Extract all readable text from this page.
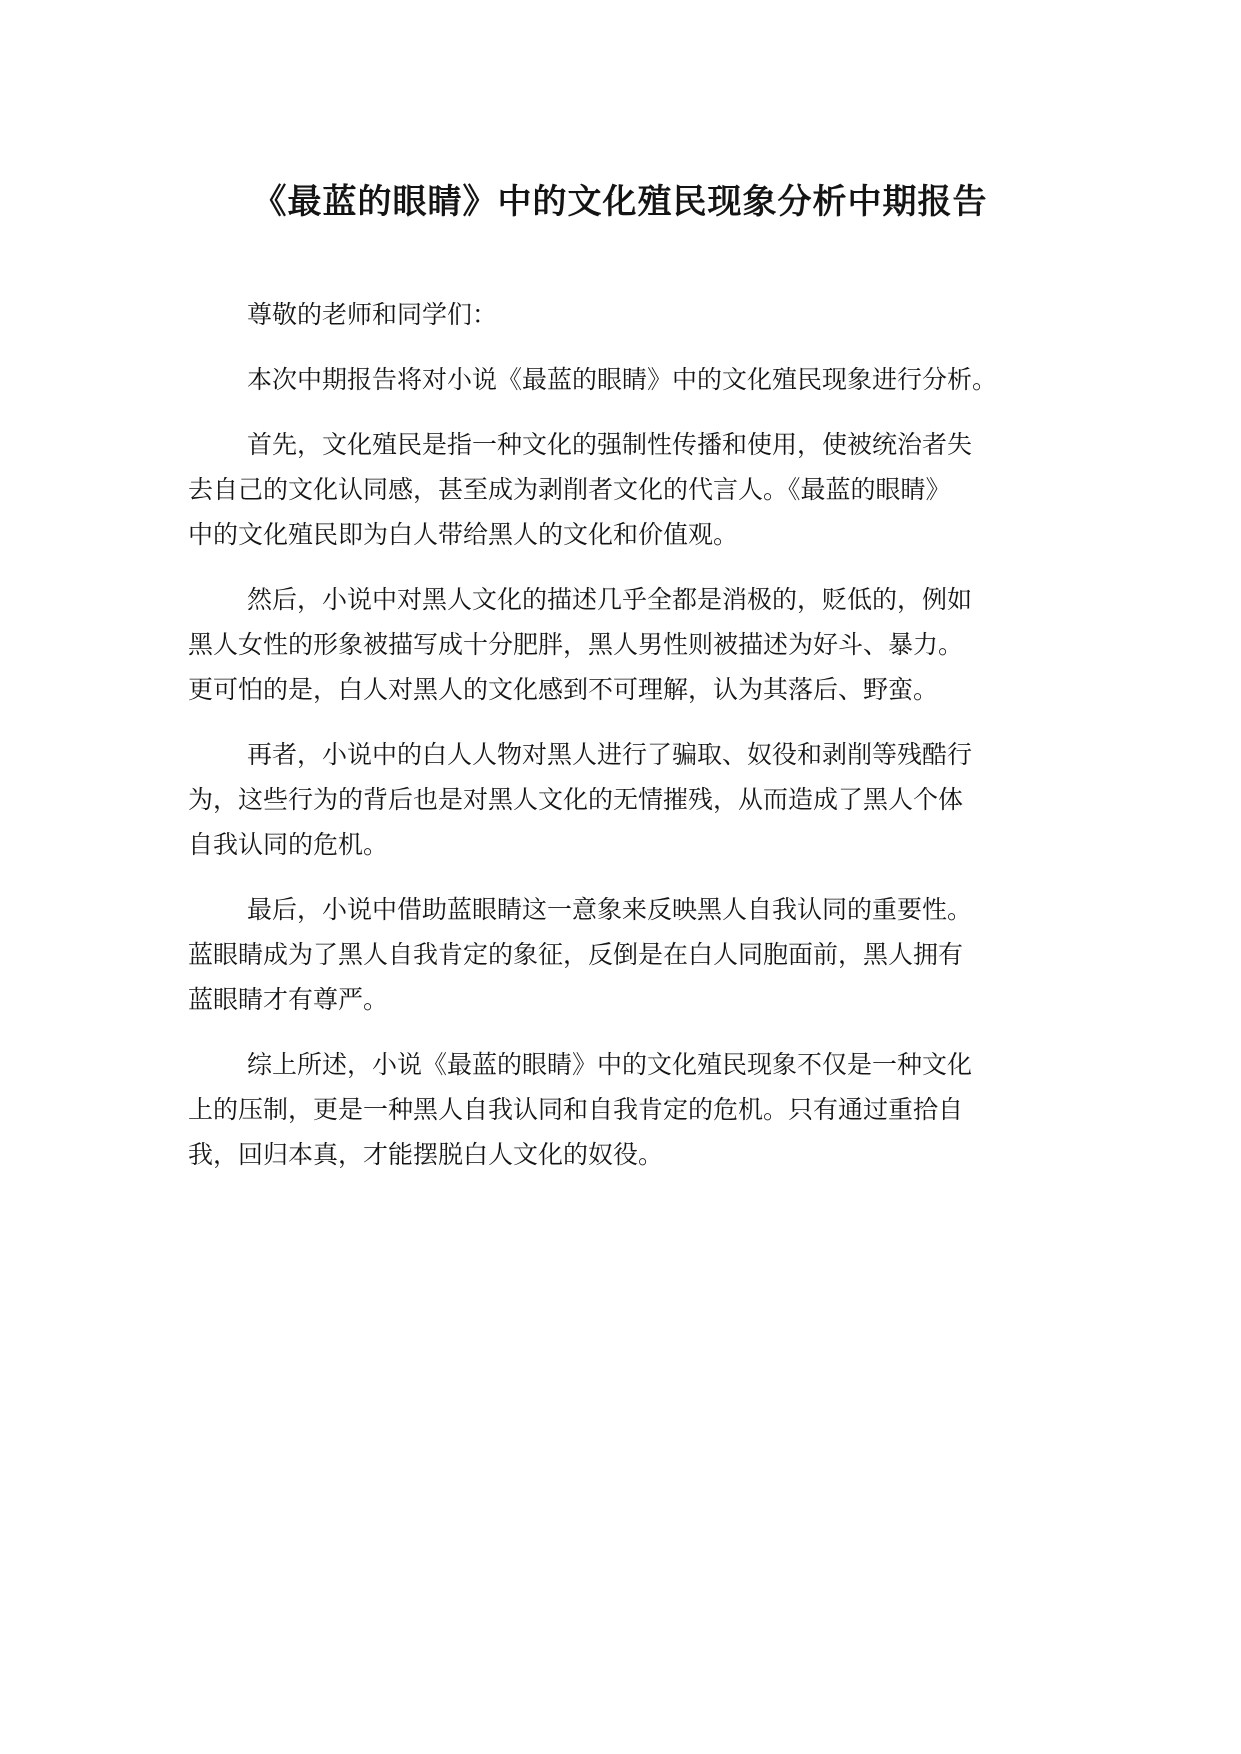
《最蓝的眼睛》中的文化殖民现象分析中期报告

尊敬的老师和同学们：

本次中期报告将对小说《最蓝的眼睛》中的文化殖民现象进行分析。

首先，文化殖民是指一种文化的强制性传播和使用，使被统治者失
去自己的文化认同感，甚至成为剥削者文化的代言人。《最蓝的眼睛》
中的文化殖民即为白人带给黑人的文化和价值观。

然后，小说中对黑人文化的描述几乎全都是消极的，贬低的，例如
黑人女性的形象被描写成十分肥胖，黑人男性则被描述为好斗、暴力。
更可怕的是，白人对黑人的文化感到不可理解，认为其落后、野蛮。

再者，小说中的白人人物对黑人进行了骗取、奴役和剥削等残酷行
为，这些行为的背后也是对黑人文化的无情摧残，从而造成了黑人个体
自我认同的危机。

最后，小说中借助蓝眼睛这一意象来反映黑人自我认同的重要性。
蓝眼睛成为了黑人自我肯定的象征，反倒是在白人同胞面前，黑人拥有
蓝眼睛才有尊严。

综上所述，小说《最蓝的眼睛》中的文化殖民现象不仅是一种文化
上的压制，更是一种黑人自我认同和自我肯定的危机。只有通过重拾自
我，回归本真，才能摆脱白人文化的奴役。
